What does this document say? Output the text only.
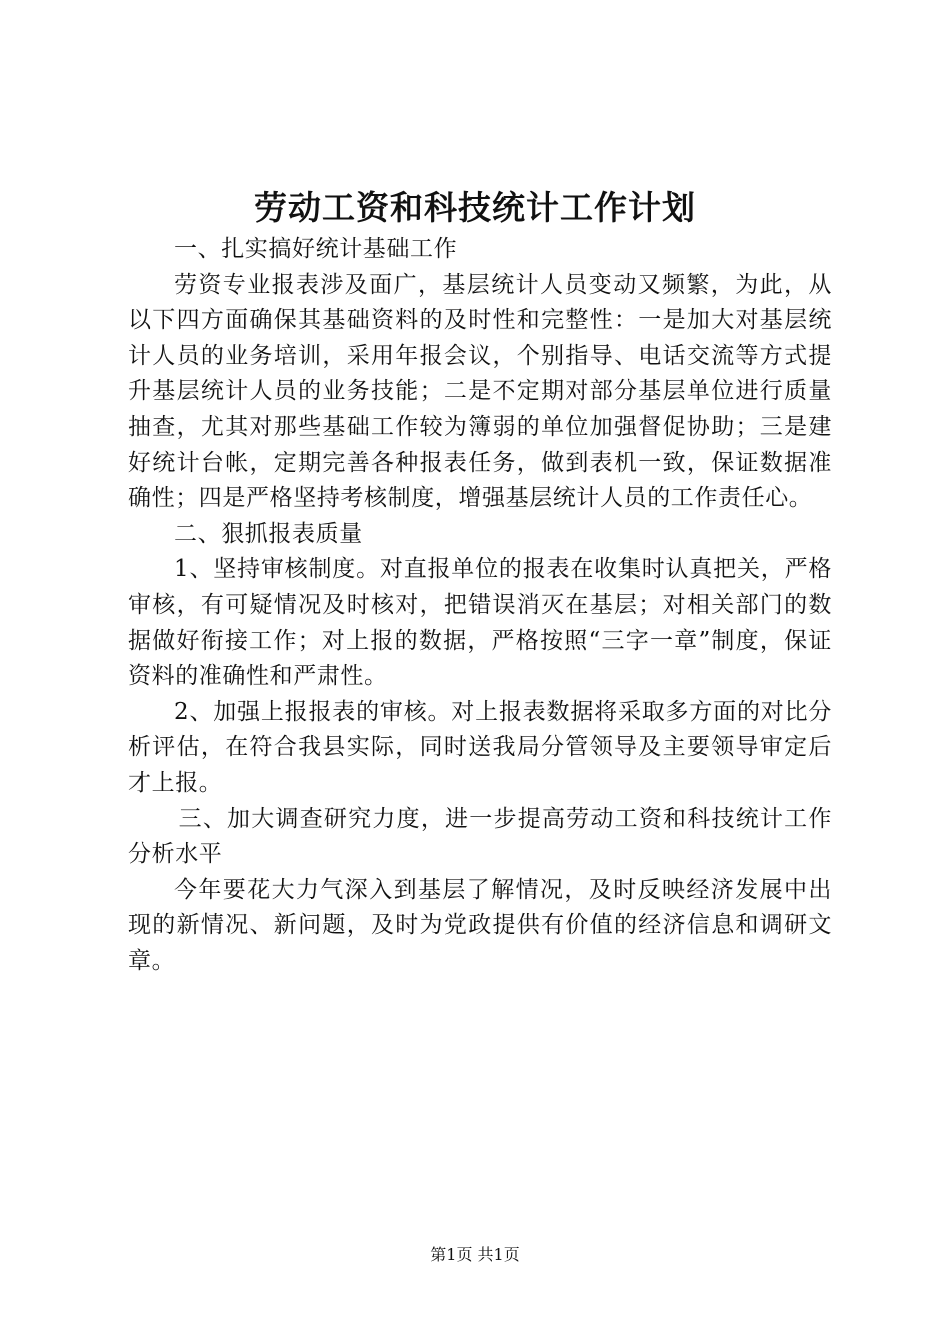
劳动工资和科技统计工作计划

一、扎实搞好统计基础工作

劳资专业报表涉及面广，基层统计人员变动又频繁，为此，从以下四方面确保其基础资料的及时性和完整性：一是加大对基层统计人员的业务培训，采用年报会议，个别指导、电话交流等方式提升基层统计人员的业务技能；二是不定期对部分基层单位进行质量抽查，尤其对那些基础工作较为簿弱的单位加强督促协助；三是建好统计台帐，定期完善各种报表任务，做到表机一致，保证数据准确性；四是严格坚持考核制度，增强基层统计人员的工作责任心。

二、狠抓报表质量

1、坚持审核制度。对直报单位的报表在收集时认真把关，严格审核，有可疑情况及时核对，把错误消灭在基层；对相关部门的数据做好衔接工作；对上报的数据，严格按照“三字一章”制度，保证资料的准确性和严肃性。

2、加强上报报表的审核。对上报表数据将采取多方面的对比分析评估，在符合我县实际，同时送我局分管领导及主要领导审定后才上报。

三、加大调查研究力度，进一步提高劳动工资和科技统计工作分析水平

今年要花大力气深入到基层了解情况，及时反映经济发展中出现的新情况、新问题，及时为党政提供有价值的经济信息和调研文章。

第1页 共1页
